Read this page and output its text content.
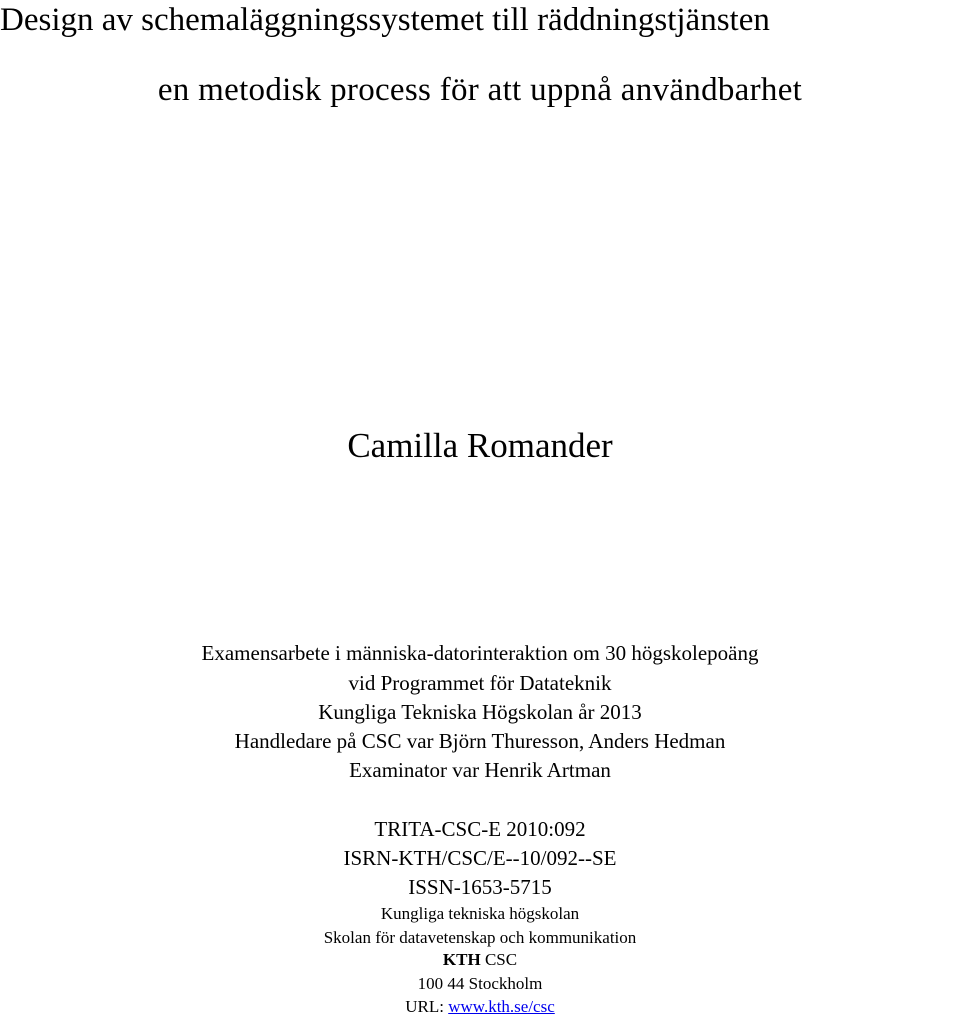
Design av schemaläggningssystemet till räddningstjänsten
en metodisk process för att uppnå användbarhet
Camilla Romander
Examensarbete i människa-datorinteraktion om 30 högskolepoäng
vid Programmet för Datateknik
Kungliga Tekniska Högskolan år 2013
Handledare på CSC var Björn Thuresson, Anders Hedman
Examinator var Henrik Artman
TRITA-CSC-E 2010:092
ISRN-KTH/CSC/E--10/092--SE
ISSN-1653-5715
Kungliga tekniska högskolan
Skolan för datavetenskap och kommunikation
KTH CSC
100 44 Stockholm
URL: www.kth.se/csc
